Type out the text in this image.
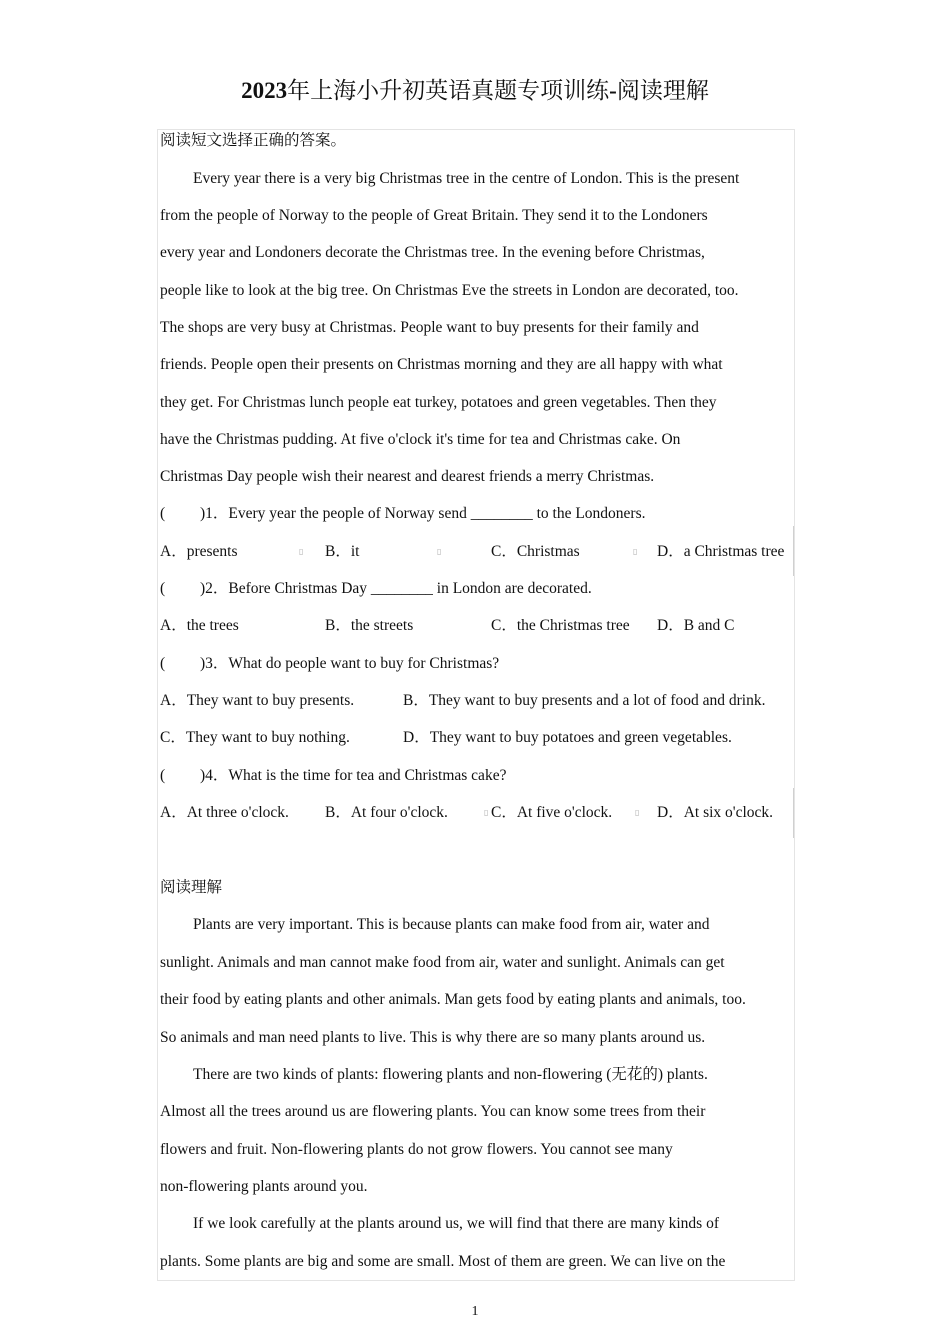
2023年上海小升初英语真题专项训练-阅读理解
阅读短文选择正确的答案。
Every year there is a very big Christmas tree in the centre of London. This is the present
from the people of Norway to the people of Great Britain. They send it to the Londoners
every year and Londoners decorate the Christmas tree. In the evening before Christmas,
people like to look at the big tree. On Christmas Eve the streets in London are decorated, too.
The shops are very busy at Christmas. People want to buy presents for their family and
friends. People open their presents on Christmas morning and they are all happy with what
they get. For Christmas lunch people eat turkey, potatoes and green vegetables. Then they
have the Christmas pudding. At five o'clock it's time for tea and Christmas cake. On
Christmas Day people wish their nearest and dearest friends a merry Christmas.
( )1．Every year the people of Norway send ________ to the Londoners.
A．presents	B．it	C．Christmas	D．a Christmas tree
▯	▯	▯
( )2．Before Christmas Day ________ in London are decorated.
A．the trees	B．the streets	C．the Christmas tree D．B and C
( )3．What do people want to buy for Christmas?
A．They want to buy presents.	B．They want to buy presents and a lot of food and drink.
C．They want to buy nothing.	D．They want to buy potatoes and green vegetables.
( )4．What is the time for tea and Christmas cake?
A．At three o'clock. B．At four o'clock.	C．At five o'clock.	D．At six o'clock.
▯	▯
阅读理解
Plants are very important. This is because plants can make food from air, water and
sunlight. Animals and man cannot make food from air, water and sunlight. Animals can get
their food by eating plants and other animals. Man gets food by eating plants and animals, too.
So animals and man need plants to live. This is why there are so many plants around us.
There are two kinds of plants: flowering plants and non-flowering (无花的) plants.
Almost all the trees around us are flowering plants. You can know some trees from their
flowers and fruit. Non-flowering plants do not grow flowers. You cannot see many
non-flowering plants around you.
If we look carefully at the plants around us, we will find that there are many kinds of
plants. Some plants are big and some are small. Most of them are green. We can live on the
1
